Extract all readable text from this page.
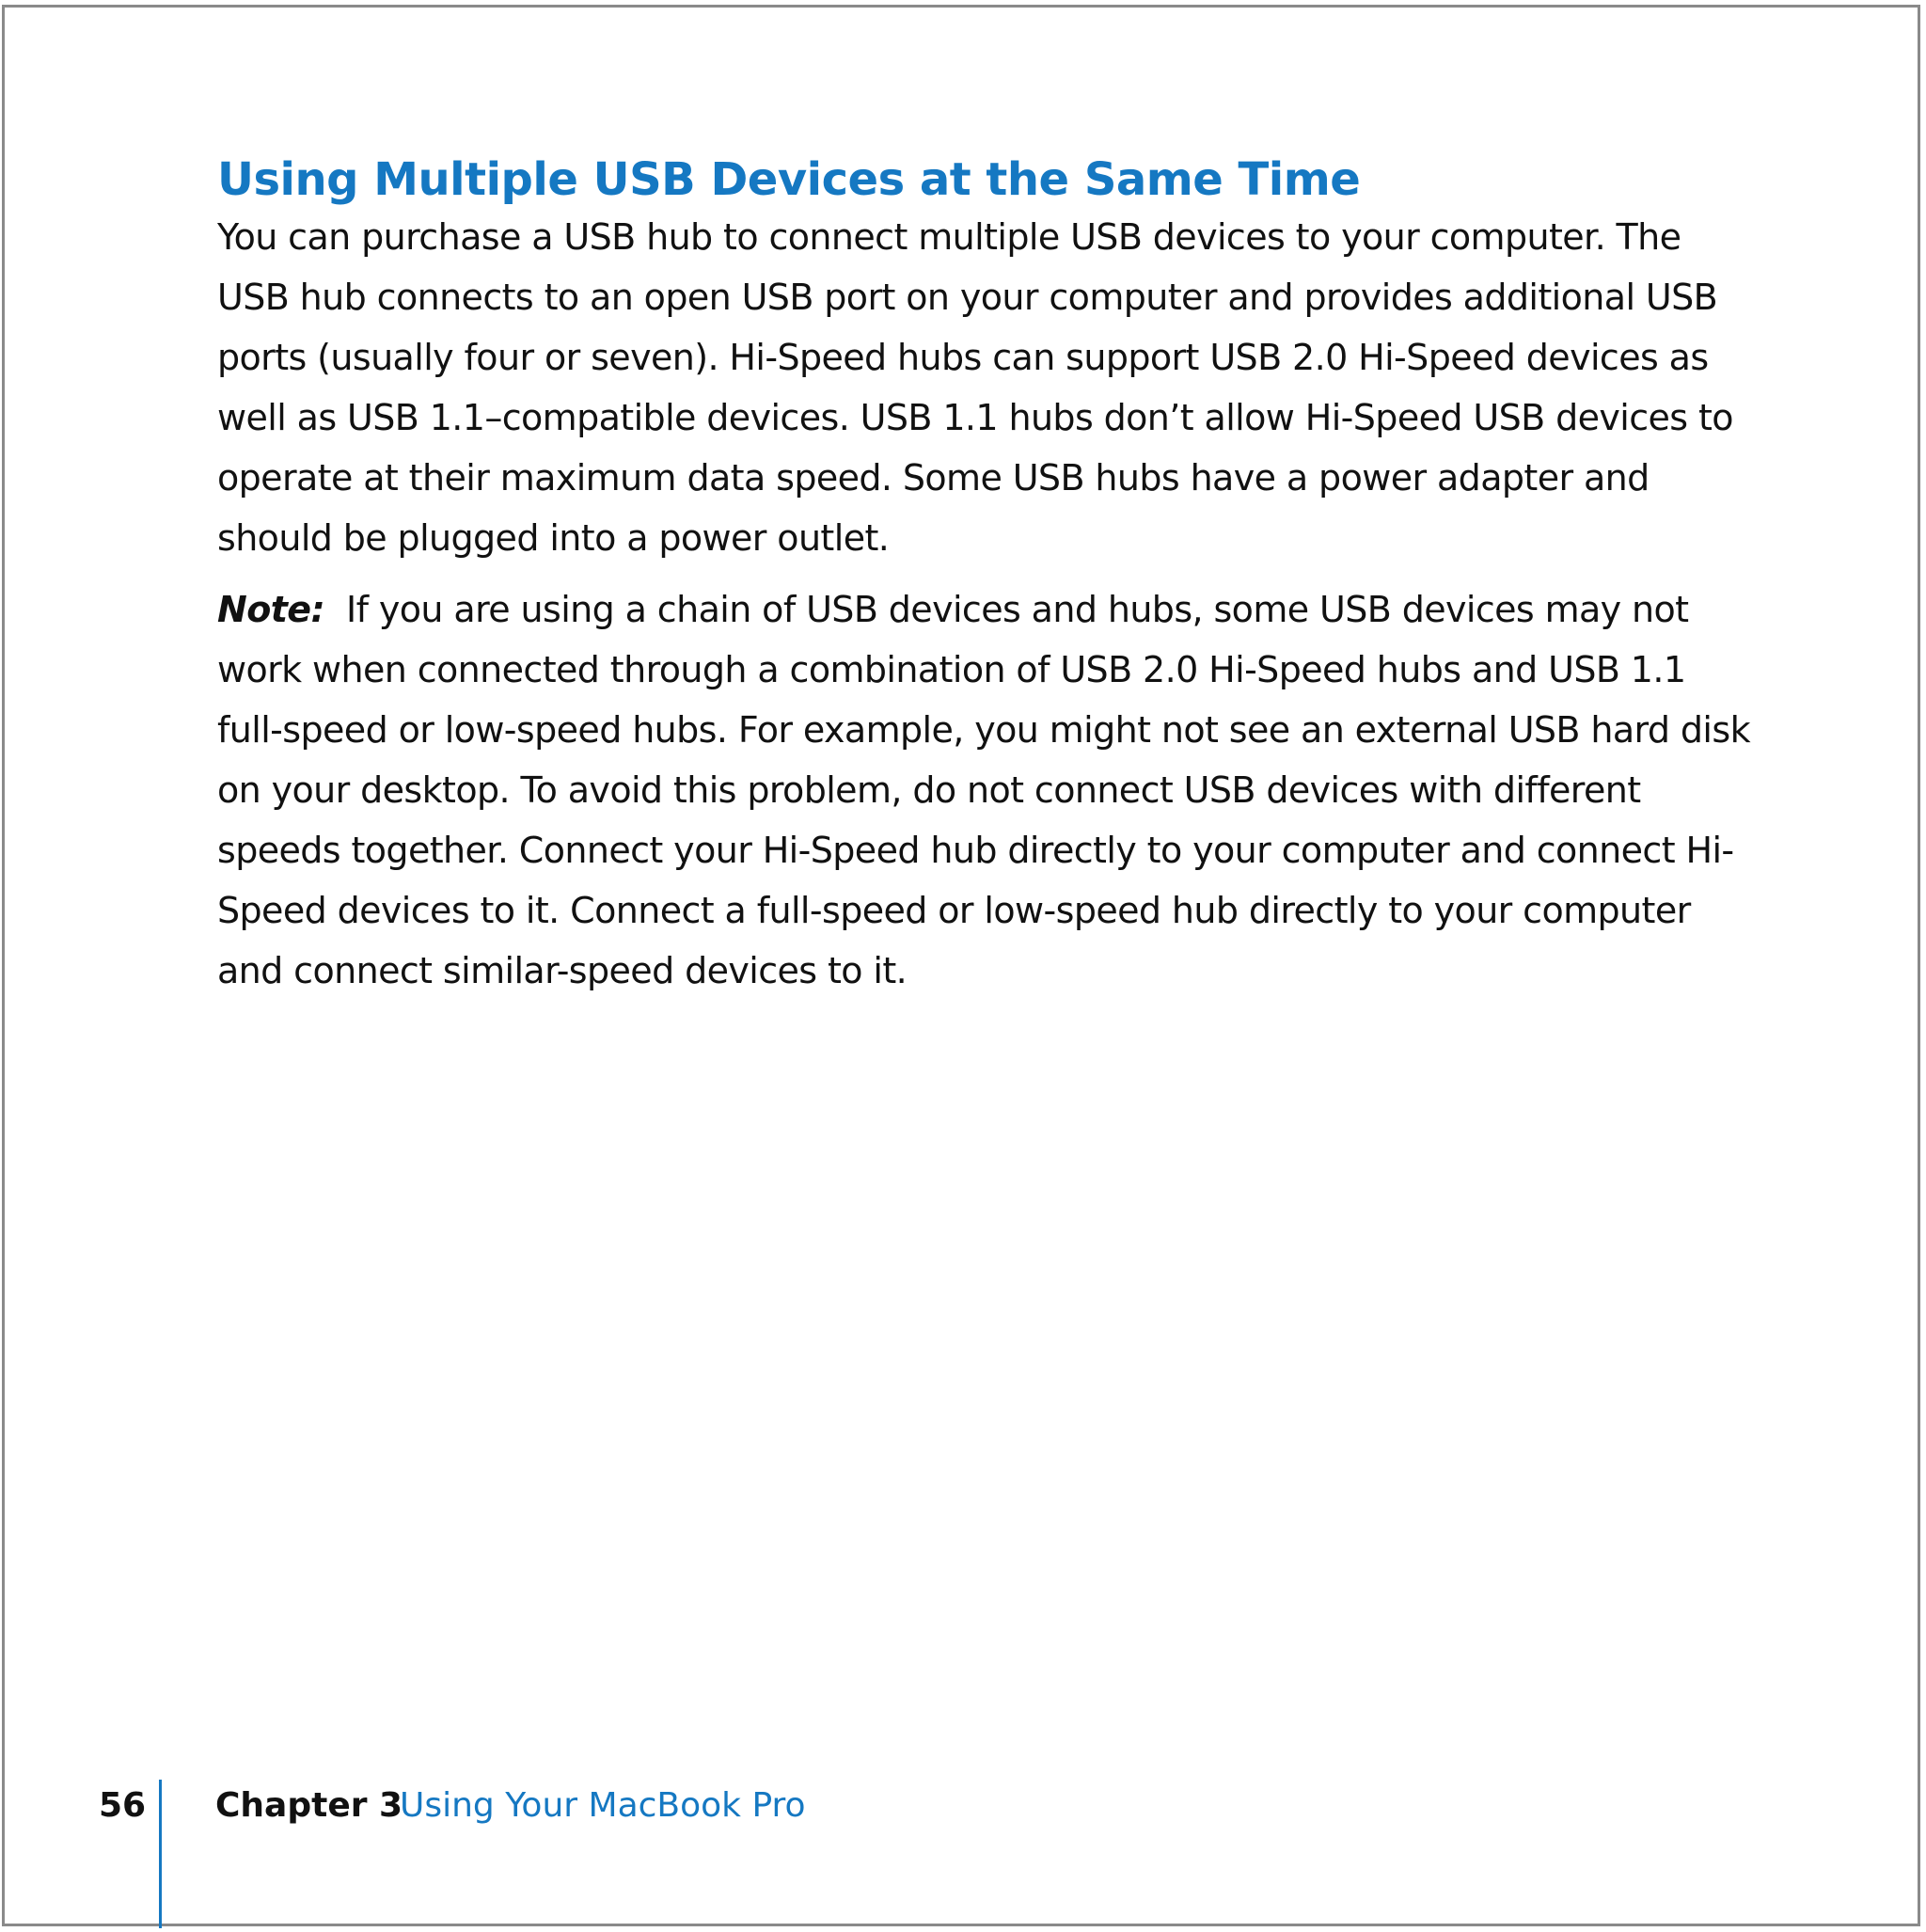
Using Multiple USB Devices at the Same Time

You can purchase a USB hub to connect multiple USB devices to your computer. The USB hub connects to an open USB port on your computer and provides additional USB ports (usually four or seven). Hi-Speed hubs can support USB 2.0 Hi-Speed devices as well as USB 1.1–compatible devices. USB 1.1 hubs don’t allow Hi-Speed USB devices to operate at their maximum data speed. Some USB hubs have a power adapter and should be plugged into a power outlet.

Note: If you are using a chain of USB devices and hubs, some USB devices may not work when connected through a combination of USB 2.0 Hi-Speed hubs and USB 1.1 full-speed or low-speed hubs. For example, you might not see an external USB hard disk on your desktop. To avoid this problem, do not connect USB devices with different speeds together. Connect your Hi-Speed hub directly to your computer and connect Hi-Speed devices to it. Connect a full-speed or low-speed hub directly to your computer and connect similar-speed devices to it.

56 Chapter 3
Using Your MacBook Pro
